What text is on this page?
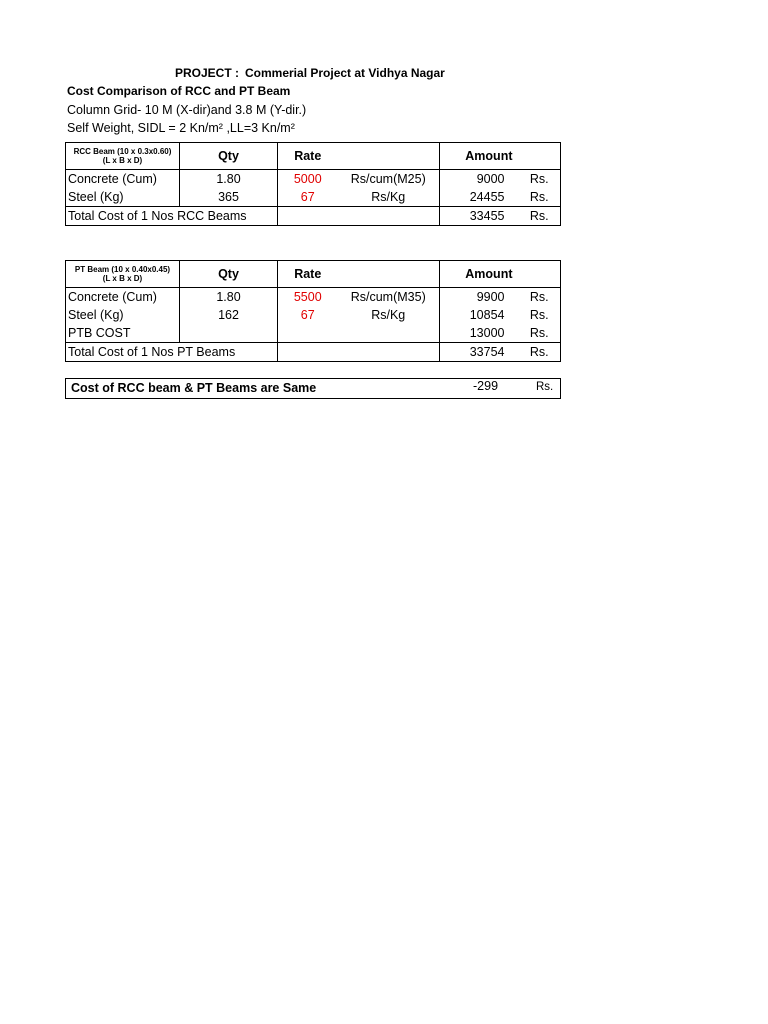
PROJECT : Commerial Project at Vidhya Nagar
Cost Comparison of RCC and PT Beam
Column Grid- 10 M (X-dir)and 3.8 M (Y-dir.)
Self Weight, SIDL = 2 Kn/m² ,LL=3 Kn/m²
RCC Beam (10 x 0.3x0.60)
(L x B x D)	Qty	Rate		Amount	
Concrete (Cum)	1.80	5000	Rs/cum(M25)	9000	Rs.
Steel (Kg)	365	67	Rs/Kg	24455	Rs.
Total Cost of 1 Nos RCC Beams				33455	Rs.
PT Beam (10 x 0.40x0.45)
(L x B x D)	Qty	Rate		Amount	
Concrete (Cum)	1.80	5500	Rs/cum(M35)	9900	Rs.
Steel (Kg)	162	67	Rs/Kg	10854	Rs.
PTB COST				13000	Rs.
Total Cost of 1 Nos PT Beams				33754	Rs.
Cost of RCC beam & PT Beams are Same	-299	Rs.
